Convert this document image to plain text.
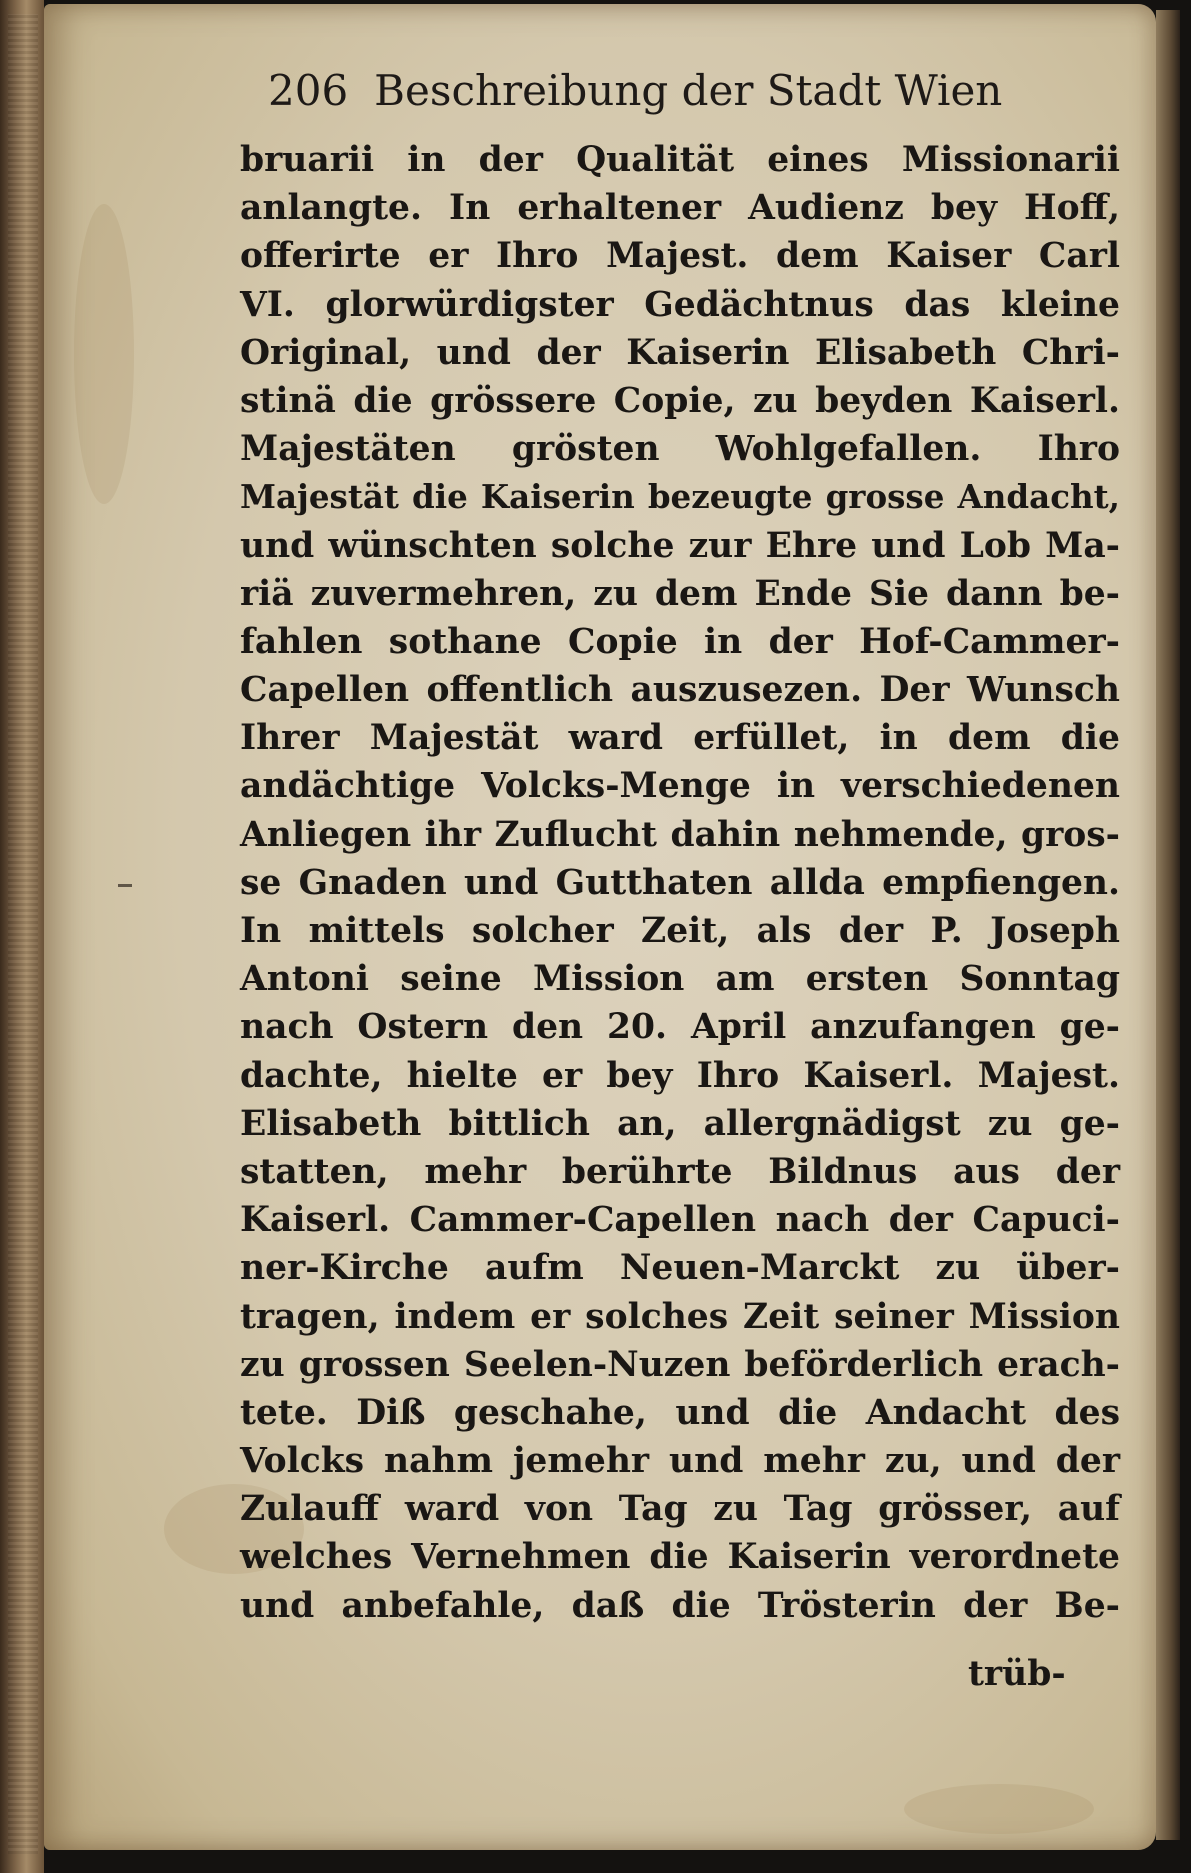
206 Beschreibung der Stadt Wien
bruarii in der Qualität eines Missionarii
anlangte. In erhaltener Audienz bey Hoff,
offerirte er Ihro Majest. dem Kaiser Carl
VI. glorwürdigster Gedächtnus das kleine
Original, und der Kaiserin Elisabeth Chri-
stinä die grössere Copie, zu beyden Kaiserl.
Majestäten grösten Wohlgefallen. Ihro
Majestät die Kaiserin bezeugte grosse Andacht,
und wünschten solche zur Ehre und Lob Ma-
riä zuvermehren, zu dem Ende Sie dann be-
fahlen sothane Copie in der Hof-Cammer-
Capellen offentlich auszusezen. Der Wunsch
Ihrer Majestät ward erfüllet, in dem die
andächtige Volcks-Menge in verschiedenen
Anliegen ihr Zuflucht dahin nehmende, gros-
se Gnaden und Gutthaten allda empfiengen.
In mittels solcher Zeit, als der P. Joseph
Antoni seine Mission am ersten Sonntag
nach Ostern den 20. April anzufangen ge-
dachte, hielte er bey Ihro Kaiserl. Majest.
Elisabeth bittlich an, allergnädigst zu ge-
statten, mehr berührte Bildnus aus der
Kaiserl. Cammer-Capellen nach der Capuci-
ner-Kirche aufm Neuen-Marckt zu über-
tragen, indem er solches Zeit seiner Mission
zu grossen Seelen-Nuzen beförderlich erach-
tete. Diß geschahe, und die Andacht des
Volcks nahm jemehr und mehr zu, und der
Zulauff ward von Tag zu Tag grösser, auf
welches Vernehmen die Kaiserin verordnete
und anbefahle, daß die Trösterin der Be-
trüb-
